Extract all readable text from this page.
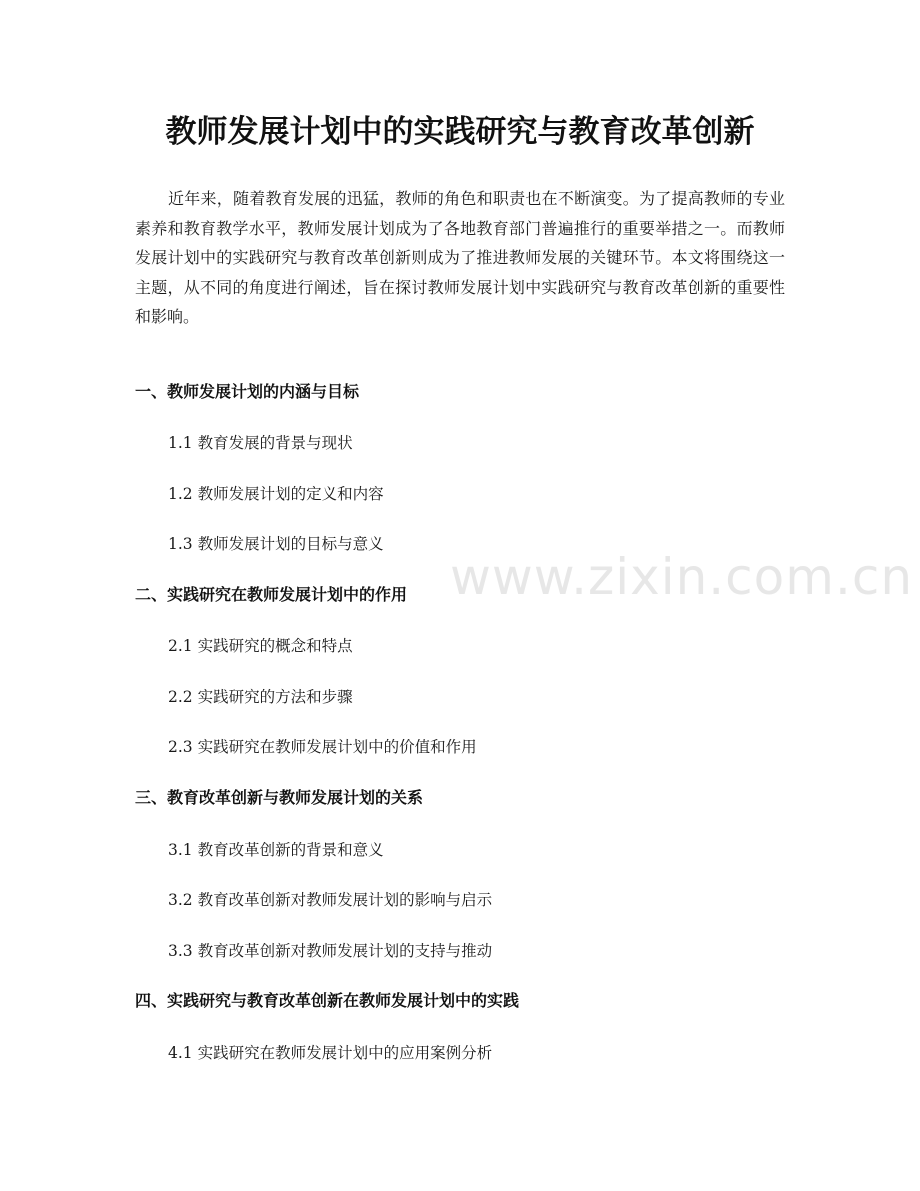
教师发展计划中的实践研究与教育改革创新

近年来，随着教育发展的迅猛，教师的角色和职责也在不断演变。为了提高教师的专业素养和教育教学水平，教师发展计划成为了各地教育部门普遍推行的重要举措之一。而教师发展计划中的实践研究与教育改革创新则成为了推进教师发展的关键环节。本文将围绕这一主题，从不同的角度进行阐述，旨在探讨教师发展计划中实践研究与教育改革创新的重要性和影响。

一、教师发展计划的内涵与目标

1.1 教育发展的背景与现状

1.2 教师发展计划的定义和内容

1.3 教师发展计划的目标与意义

二、实践研究在教师发展计划中的作用

2.1 实践研究的概念和特点

2.2 实践研究的方法和步骤

2.3 实践研究在教师发展计划中的价值和作用

三、教育改革创新与教师发展计划的关系

3.1 教育改革创新的背景和意义

3.2 教育改革创新对教师发展计划的影响与启示

3.3 教育改革创新对教师发展计划的支持与推动

四、实践研究与教育改革创新在教师发展计划中的实践

4.1 实践研究在教师发展计划中的应用案例分析

www.zixin.com.cn
